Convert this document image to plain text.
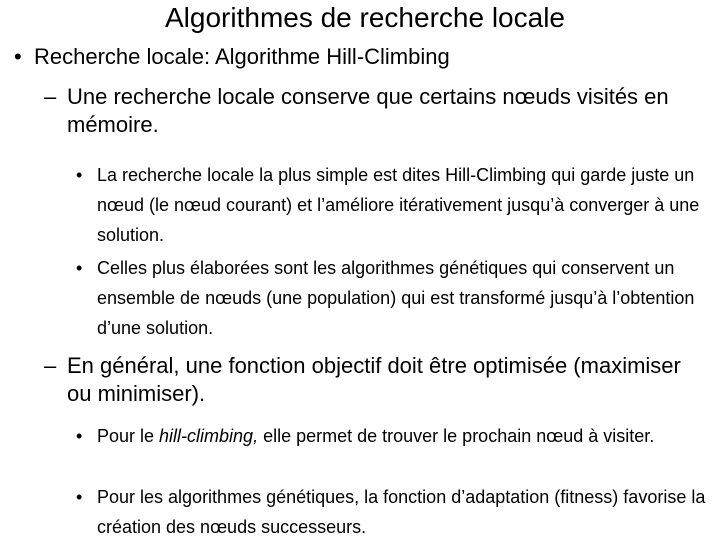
Algorithmes de recherche locale
• Recherche locale: Algorithme Hill-Climbing
– Une recherche locale conserve que certains nœuds visités en mémoire.
• La recherche locale la plus simple est dites Hill-Climbing qui garde juste un nœud (le nœud courant) et l’améliore itérativement jusqu’à converger à une solution.
• Celles plus élaborées sont les algorithmes génétiques qui conservent un ensemble de nœuds (une population) qui est transformé jusqu’à l’obtention d’une solution.
– En général, une fonction objectif doit être optimisée (maximiser ou minimiser).
• Pour le hill-climbing, elle permet de trouver le prochain nœud à visiter.
• Pour les algorithmes génétiques, la fonction d’adaptation (fitness) favorise la création des nœuds successeurs.
